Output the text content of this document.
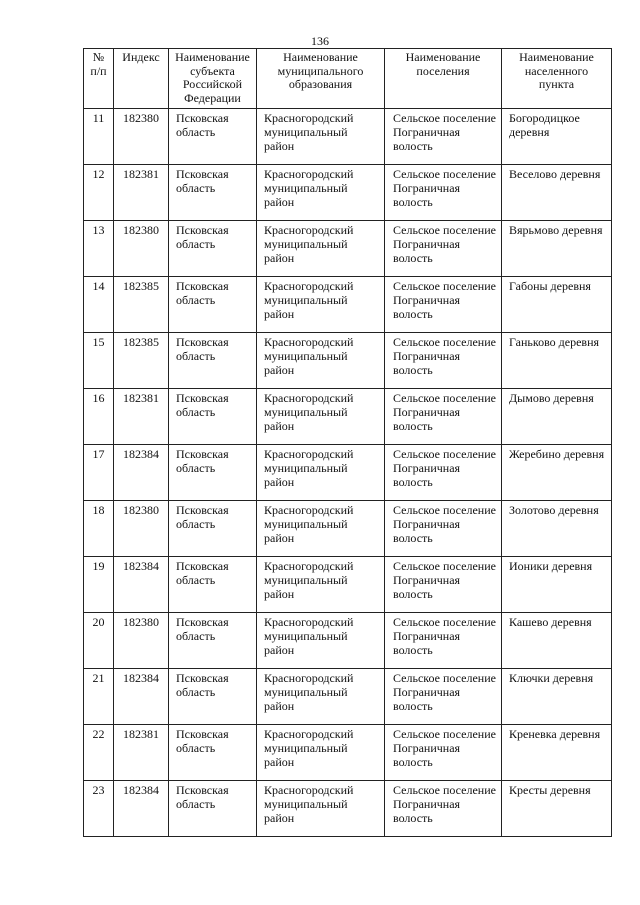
136
№ п/п	Индекс	Наименование субъекта Российской Федерации	Наименование муниципального образования	Наименование поселения	Наименование населенного пункта
11	182380	Псковская область	Красногородский муниципальный район	Сельское поселение Пограничная волость	Богородицкое деревня
12	182381	Псковская область	Красногородский муниципальный район	Сельское поселение Пограничная волость	Веселово деревня
13	182380	Псковская область	Красногородский муниципальный район	Сельское поселение Пограничная волость	Вярьмово деревня
14	182385	Псковская область	Красногородский муниципальный район	Сельское поселение Пограничная волость	Габоны деревня
15	182385	Псковская область	Красногородский муниципальный район	Сельское поселение Пограничная волость	Ганьково деревня
16	182381	Псковская область	Красногородский муниципальный район	Сельское поселение Пограничная волость	Дымово деревня
17	182384	Псковская область	Красногородский муниципальный район	Сельское поселение Пограничная волость	Жеребино деревня
18	182380	Псковская область	Красногородский муниципальный район	Сельское поселение Пограничная волость	Золотово деревня
19	182384	Псковская область	Красногородский муниципальный район	Сельское поселение Пограничная волость	Ионики деревня
20	182380	Псковская область	Красногородский муниципальный район	Сельское поселение Пограничная волость	Кашево деревня
21	182384	Псковская область	Красногородский муниципальный район	Сельское поселение Пограничная волость	Ключки деревня
22	182381	Псковская область	Красногородский муниципальный район	Сельское поселение Пограничная волость	Креневка деревня
23	182384	Псковская область	Красногородский муниципальный район	Сельское поселение Пограничная волость	Кресты деревня
